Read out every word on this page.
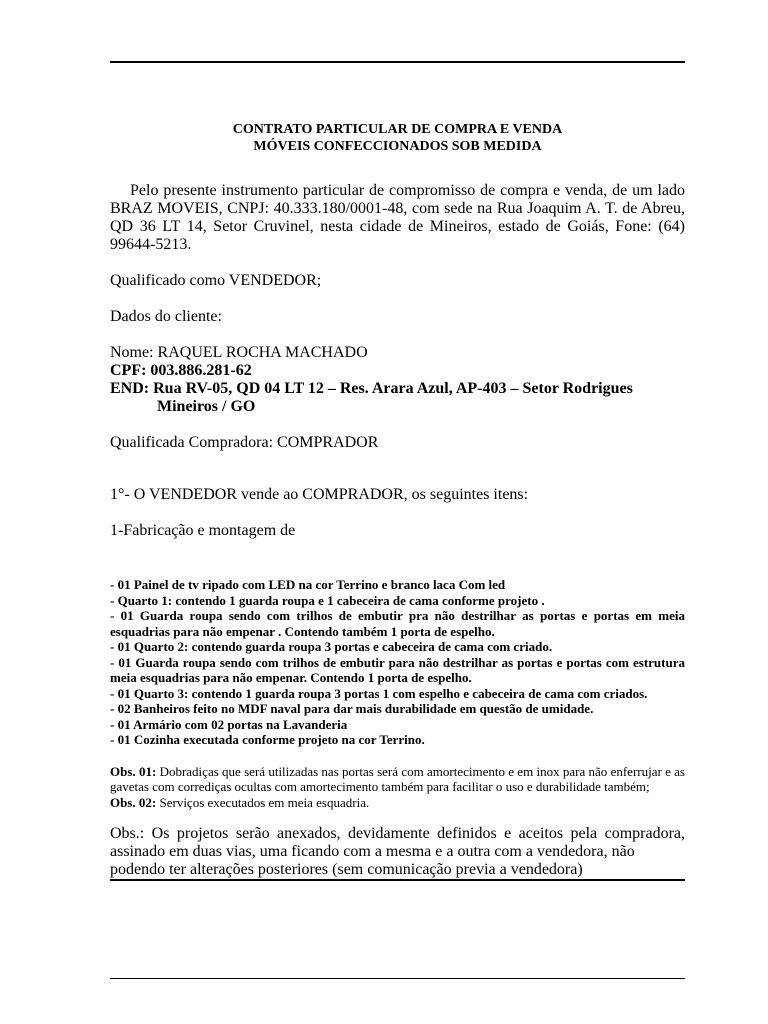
CONTRATO PARTICULAR DE COMPRA E VENDA
MÓVEIS CONFECCIONADOS SOB MEDIDA

Pelo presente instrumento particular de compromisso de compra e venda, de um lado BRAZ MOVEIS, CNPJ: 40.333.180/0001-48, com sede na Rua Joaquim A. T. de Abreu, QD 36 LT 14, Setor Cruvinel, nesta cidade de Mineiros, estado de Goiás, Fone: (64) 99644-5213.

Qualificado como VENDEDOR;

Dados do cliente:

Nome: RAQUEL ROCHA MACHADO

CPF: 003.886.281-62

END: Rua RV-05, QD 04 LT 12 – Res. Arara Azul, AP-403 – Setor Rodrigues

Mineiros / GO

Qualificada Compradora: COMPRADOR

1°- O VENDEDOR vende ao COMPRADOR, os seguintes itens:

1-Fabricação e montagem de

- 01 Painel de tv ripado com LED na cor Terrino e branco laca Com led
- Quarto 1: contendo 1 guarda roupa e 1 cabeceira de cama conforme projeto .
- 01 Guarda roupa sendo com trilhos de embutir pra não destrilhar as portas e portas em meia esquadrias para não empenar . Contendo também 1 porta de espelho.
- 01 Quarto 2: contendo guarda roupa 3 portas e cabeceira de cama com criado.
- 01 Guarda roupa sendo com trilhos de embutir para não destrilhar as portas e portas com estrutura meia esquadrias para não empenar. Contendo 1 porta de espelho.
- 01 Quarto 3: contendo 1 guarda roupa 3 portas 1 com espelho e cabeceira de cama com criados.
- 02 Banheiros feito no MDF naval para dar mais durabilidade em questão de umidade.
- 01 Armário com 02 portas na Lavanderia
- 01 Cozinha executada conforme projeto na cor Terrino.
Obs. 01: Dobradiças que será utilizadas nas portas será com amortecimento e em inox para não enferrujar e as gavetas com corrediças ocultas com amortecimento também para facilitar o uso e durabilidade também;
Obs. 02: Serviços executados em meia esquadria.
Obs.: Os projetos serão anexados, devidamente definidos e aceitos pela compradora, assinado em duas vias, uma ficando com a mesma e a outra com a vendedora, não
podendo ter alterações posteriores (sem comunicação previa a vendedora)
